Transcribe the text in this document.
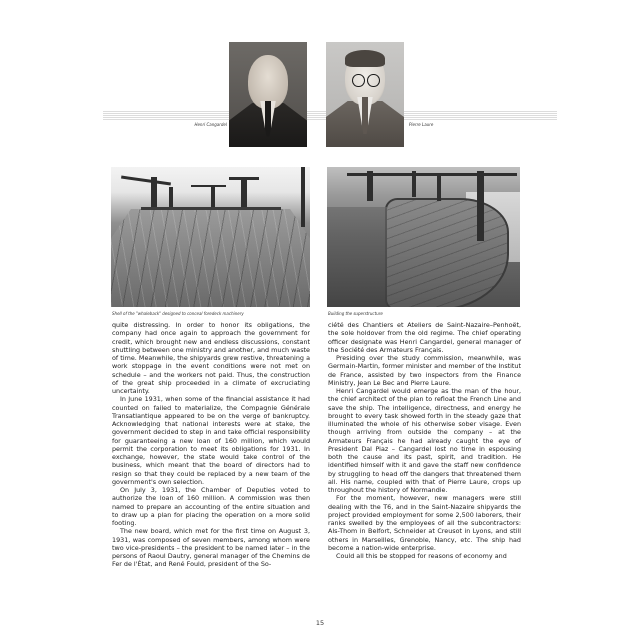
Henri Cangardel	Pierre Laure
Shell of the "whaleback" designed to conceal foredeck machinery	Building the superstructure

quite distressing. In order to honor its obligations, the company had once again to approach the government for credit, which brought new and endless discussions, constant shuttling between one ministry and another, and much waste of time. Meanwhile, the shipyards grew restive, threatening a work stoppage in the event conditions were not met on schedule – and the workers not paid. Thus, the construction of the great ship proceeded in a climate of excruciating uncertainty.

In June 1931, when some of the financial assistance it had counted on failed to materialize, the Compagnie Générale Transatlantique appeared to be on the verge of bankruptcy. Acknowledging that national interests were at stake, the government decided to step in and take official responsibility for guaranteeing a new loan of 160 million, which would permit the corporation to meet its obligations for 1931. In exchange, however, the state would take control of the business, which meant that the board of directors had to resign so that they could be replaced by a new team of the government's own selection.

On July 3, 1931, the Chamber of Deputies voted to authorize the loan of 160 million. A commission was then named to prepare an accounting of the entire situation and to draw up a plan for placing the operation on a more solid footing.

The new board, which met for the first time on August 3, 1931, was composed of seven members, among whom were two vice-presidents – the president to be named later – in the persons of Raoul Dautry, general manager of the Chemins de Fer de l'État, and René Fould, president of the So-

ciété des Chantiers et Ateliers de Saint-Nazaire–Penhoët, the sole holdover from the old regime. The chief operating officer designate was Henri Cangardel, general manager of the Société des Armateurs Français.

Presiding over the study commission, meanwhile, was Germain-Martin, former minister and member of the Institut de France, assisted by two inspectors from the Finance Ministry, Jean Le Bec and Pierre Laure.

Henri Cangardel would emerge as the man of the hour, the chief architect of the plan to refloat the French Line and save the ship. The intelligence, directness, and energy he brought to every task showed forth in the steady gaze that illuminated the whole of his otherwise sober visage. Even though arriving from outside the company – at the Armateurs Français he had already caught the eye of President Dal Piaz – Cangardel lost no time in espousing both the cause and its past, spirit, and tradition. He identified himself with it and gave the staff new confidence by struggling to head off the dangers that threatened them all. His name, coupled with that of Pierre Laure, crops up throughout the history of Normandie.

For the moment, however, new managers were still dealing with the T6, and in the Saint-Nazaire shipyards the project provided employment for some 2,500 laborers, their ranks swelled by the employees of all the subcontractors: Als-Thom in Belfort, Schneider at Creusot in Lyons, and still others in Marseilles, Grenoble, Nancy, etc. The ship had become a nation-wide enterprise.

Could all this be stopped for reasons of economy and

15
